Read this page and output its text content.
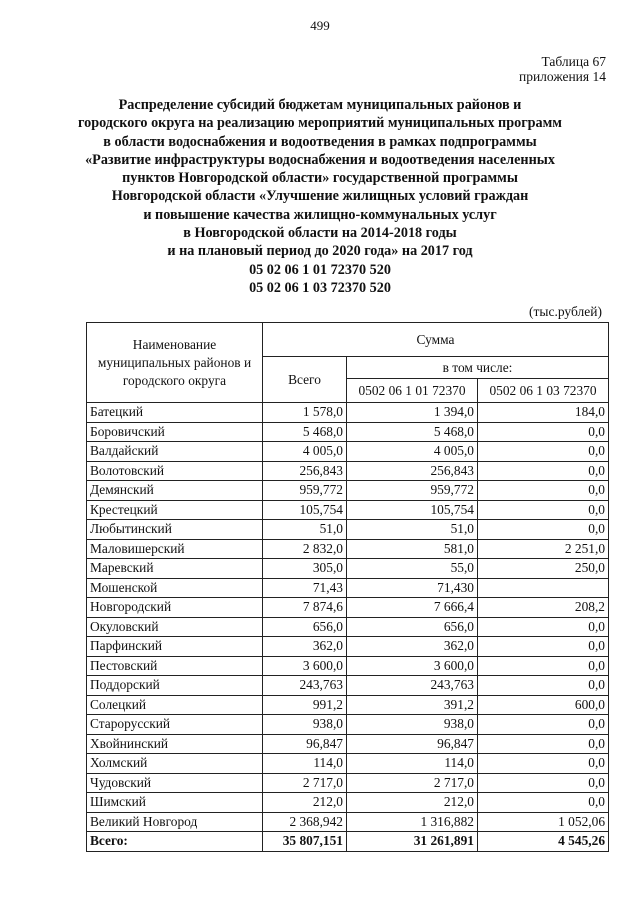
499
Таблица 67
приложения 14
Распределение субсидий бюджетам муниципальных районов и
городского округа на реализацию мероприятий муниципальных программ
в области водоснабжения и водоотведения в рамках подпрограммы
«Развитие инфраструктуры водоснабжения и водоотведения населенных
пунктов Новгородской области» государственной программы
Новгородской области «Улучшение жилищных условий граждан
и повышение качества жилищно-коммунальных услуг
в Новгородской области на 2014-2018 годы
и на плановый период до 2020 года» на 2017 год
05 02 06 1 01 72370 520
05 02 06 1 03 72370 520
(тыс.рублей)
Наименование муниципальных районов и городского округа	Сумма		
	Всего	в том числе:	
		0502 06 1 01 72370	0502 06 1 03 72370
Батецкий	1 578,0	1 394,0	184,0
Боровичский	5 468,0	5 468,0	0,0
Валдайский	4 005,0	4 005,0	0,0
Волотовский	256,843	256,843	0,0
Демянский	959,772	959,772	0,0
Крестецкий	105,754	105,754	0,0
Любытинский	51,0	51,0	0,0
Маловишерский	2 832,0	581,0	2 251,0
Маревский	305,0	55,0	250,0
Мошенской	71,43	71,430	
Новгородский	7 874,6	7 666,4	208,2
Окуловский	656,0	656,0	0,0
Парфинский	362,0	362,0	0,0
Пестовский	3 600,0	3 600,0	0,0
Поддорский	243,763	243,763	0,0
Солецкий	991,2	391,2	600,0
Старорусский	938,0	938,0	0,0
Хвойнинский	96,847	96,847	0,0
Холмский	114,0	114,0	0,0
Чудовский	2 717,0	2 717,0	0,0
Шимский	212,0	212,0	0,0
Великий Новгород	2 368,942	1 316,882	1 052,06
Всего:	35 807,151	31 261,891	4 545,26
